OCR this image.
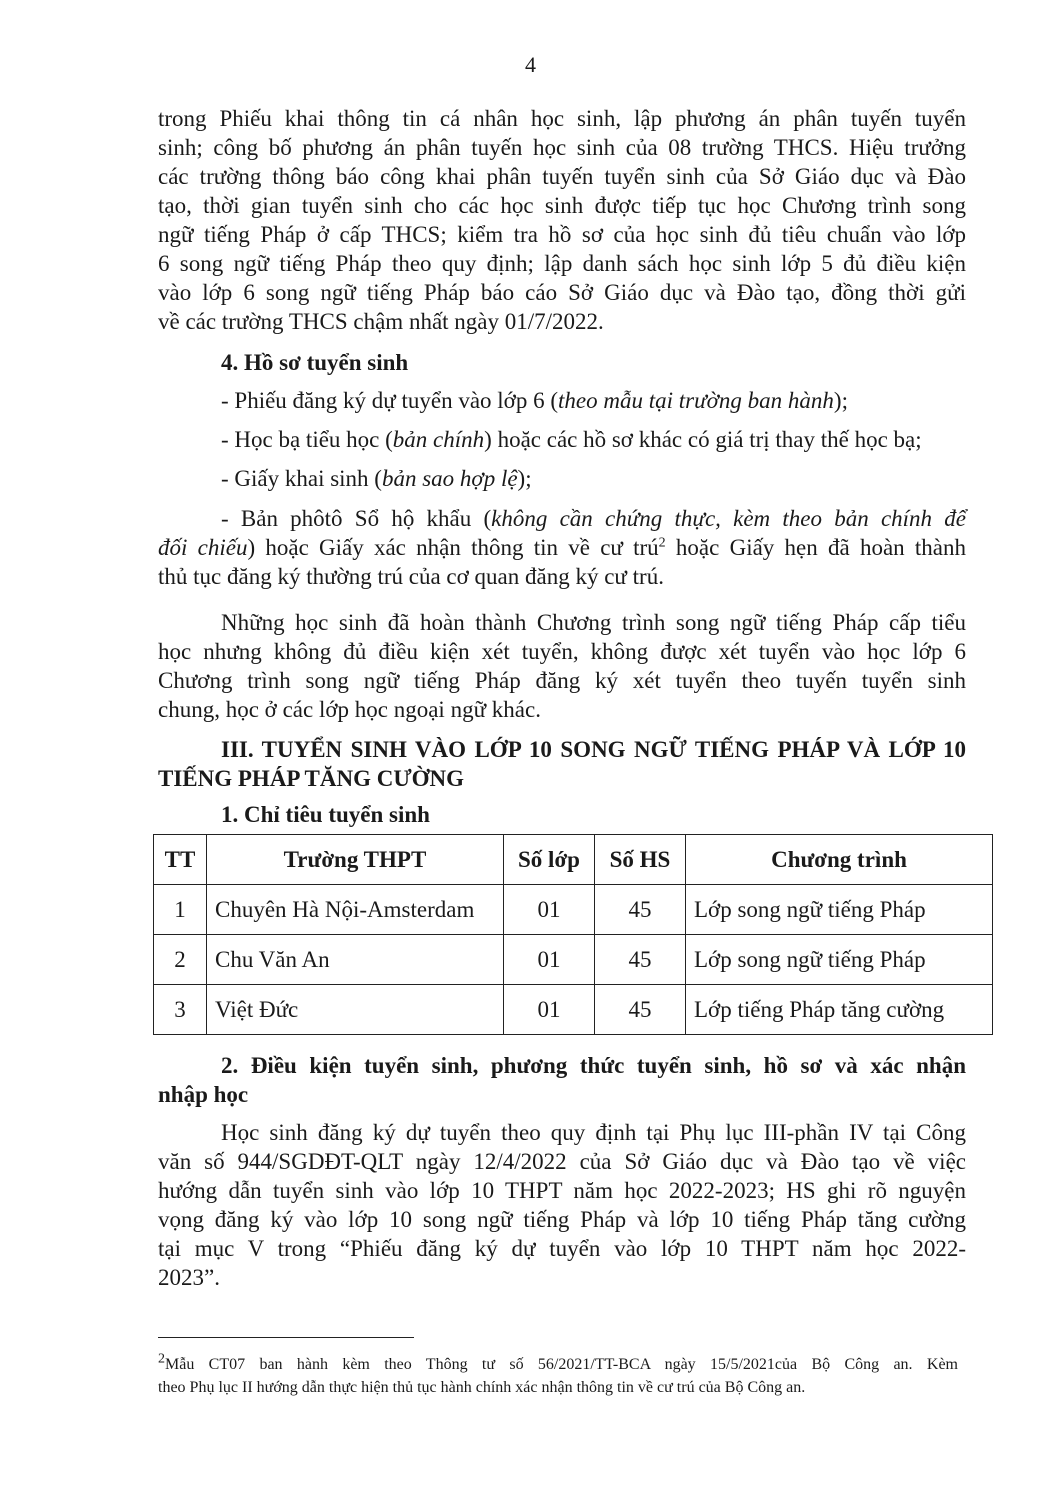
4
trong Phiếu khai thông tin cá nhân học sinh, lập phương án phân tuyến tuyển
sinh; công bố phương án phân tuyến học sinh của 08 trường THCS. Hiệu trưởng
các trường thông báo công khai phân tuyến tuyển sinh của Sở Giáo dục và Đào
tạo, thời gian tuyển sinh cho các học sinh được tiếp tục học Chương trình song
ngữ tiếng Pháp ở cấp THCS; kiểm tra hồ sơ của học sinh đủ tiêu chuẩn vào lớp
6 song ngữ tiếng Pháp theo quy định; lập danh sách học sinh lớp 5 đủ điều kiện
vào lớp 6 song ngữ tiếng Pháp báo cáo Sở Giáo dục và Đào tạo, đồng thời gửi
về các trường THCS chậm nhất ngày 01/7/2022.
4. Hồ sơ tuyển sinh
- Phiếu đăng ký dự tuyển vào lớp 6 (theo mẫu tại trường ban hành);
- Học bạ tiểu học (bản chính) hoặc các hồ sơ khác có giá trị thay thế học bạ;
- Giấy khai sinh (bản sao hợp lệ);
- Bản phôtô Sổ hộ khẩu (không cần chứng thực, kèm theo bản chính để
đối chiếu) hoặc Giấy xác nhận thông tin về cư trú$^2$ hoặc Giấy hẹn đã hoàn thành
thủ tục đăng ký thường trú của cơ quan đăng ký cư trú.
Những học sinh đã hoàn thành Chương trình song ngữ tiếng Pháp cấp tiểu
học nhưng không đủ điều kiện xét tuyển, không được xét tuyển vào học lớp 6
Chương trình song ngữ tiếng Pháp đăng ký xét tuyển theo tuyến tuyển sinh
chung, học ở các lớp học ngoại ngữ khác.
III. TUYỂN SINH VÀO LỚP 10 SONG NGỮ TIẾNG PHÁP VÀ LỚP 10
TIẾNG PHÁP TĂNG CƯỜNG
1. Chỉ tiêu tuyển sinh
TT	Trường THPT	Số lớp	Số HS	Chương trình
1	Chuyên Hà Nội-Amsterdam	01	45	Lớp song ngữ tiếng Pháp
2	Chu Văn An	01	45	Lớp song ngữ tiếng Pháp
3	Việt Đức	01	45	Lớp tiếng Pháp tăng cường
2. Điều kiện tuyển sinh, phương thức tuyển sinh, hồ sơ và xác nhận
nhập học
Học sinh đăng ký dự tuyển theo quy định tại Phụ lục III-phần IV tại Công
văn số 944/SGDĐT-QLT ngày 12/4/2022 của Sở Giáo dục và Đào tạo về việc
hướng dẫn tuyển sinh vào lớp 10 THPT năm học 2022-2023; HS ghi rõ nguyện
vọng đăng ký vào lớp 10 song ngữ tiếng Pháp và lớp 10 tiếng Pháp tăng cường
tại mục V trong “Phiếu đăng ký dự tuyển vào lớp 10 THPT năm học 2022-
2023”.
$^2$Mẫu CT07 ban hành kèm theo Thông tư số 56/2021/TT-BCA ngày 15/5/2021của Bộ Công an. Kèm
theo Phụ lục II hướng dẫn thực hiện thủ tục hành chính xác nhận thông tin về cư trú của Bộ Công an.
